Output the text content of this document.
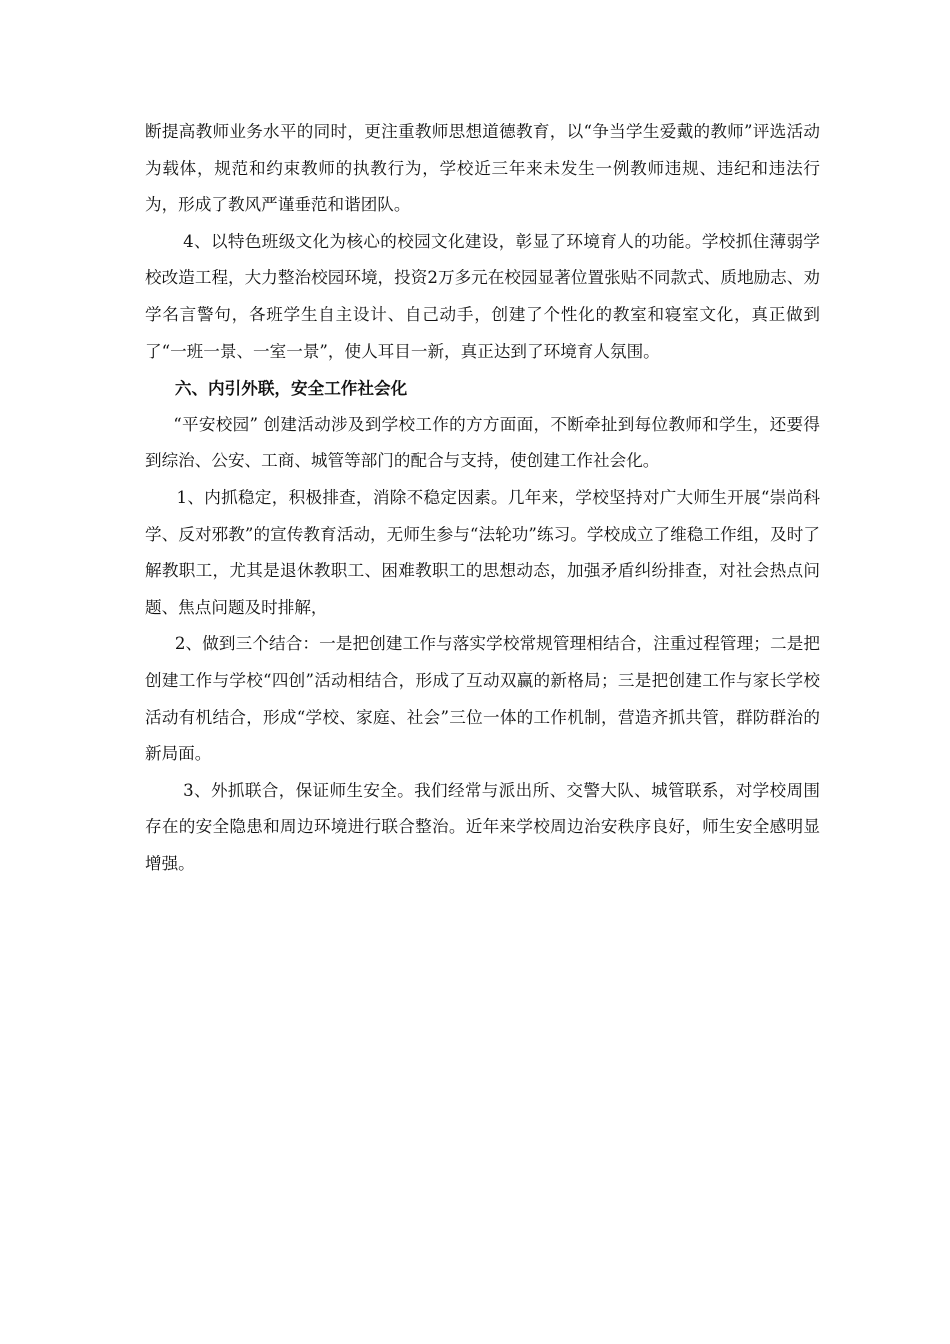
断提高教师业务水平的同时，更注重教师思想道德教育，以“争当学生爱戴的教师”评选活动为载体，规范和约束教师的执教行为，学校近三年来未发生一例教师违规、违纪和违法行为，形成了教风严谨垂范和谐团队。

4、以特色班级文化为核心的校园文化建设，彰显了环境育人的功能。学校抓住薄弱学校改造工程，大力整治校园环境，投资2万多元在校园显著位置张贴不同款式、质地励志、劝学名言警句，各班学生自主设计、自己动手，创建了个性化的教室和寝室文化，真正做到了“一班一景、一室一景”，使人耳目一新，真正达到了环境育人氛围。

六、内引外联，安全工作社会化

“平安校园” 创建活动涉及到学校工作的方方面面，不断牵扯到每位教师和学生，还要得到综治、公安、工商、城管等部门的配合与支持，使创建工作社会化。

1、内抓稳定，积极排查，消除不稳定因素。几年来，学校坚持对广大师生开展“崇尚科学、反对邪教”的宣传教育活动，无师生参与“法轮功”练习。学校成立了维稳工作组，及时了解教职工，尤其是退休教职工、困难教职工的思想动态，加强矛盾纠纷排查，对社会热点问题、焦点问题及时排解，

2、做到三个结合：一是把创建工作与落实学校常规管理相结合，注重过程管理；二是把创建工作与学校“四创”活动相结合，形成了互动双赢的新格局；三是把创建工作与家长学校活动有机结合，形成“学校、家庭、社会”三位一体的工作机制，营造齐抓共管，群防群治的新局面。

3、外抓联合，保证师生安全。我们经常与派出所、交警大队、城管联系，对学校周围存在的安全隐患和周边环境进行联合整治。近年来学校周边治安秩序良好，师生安全感明显增强。
